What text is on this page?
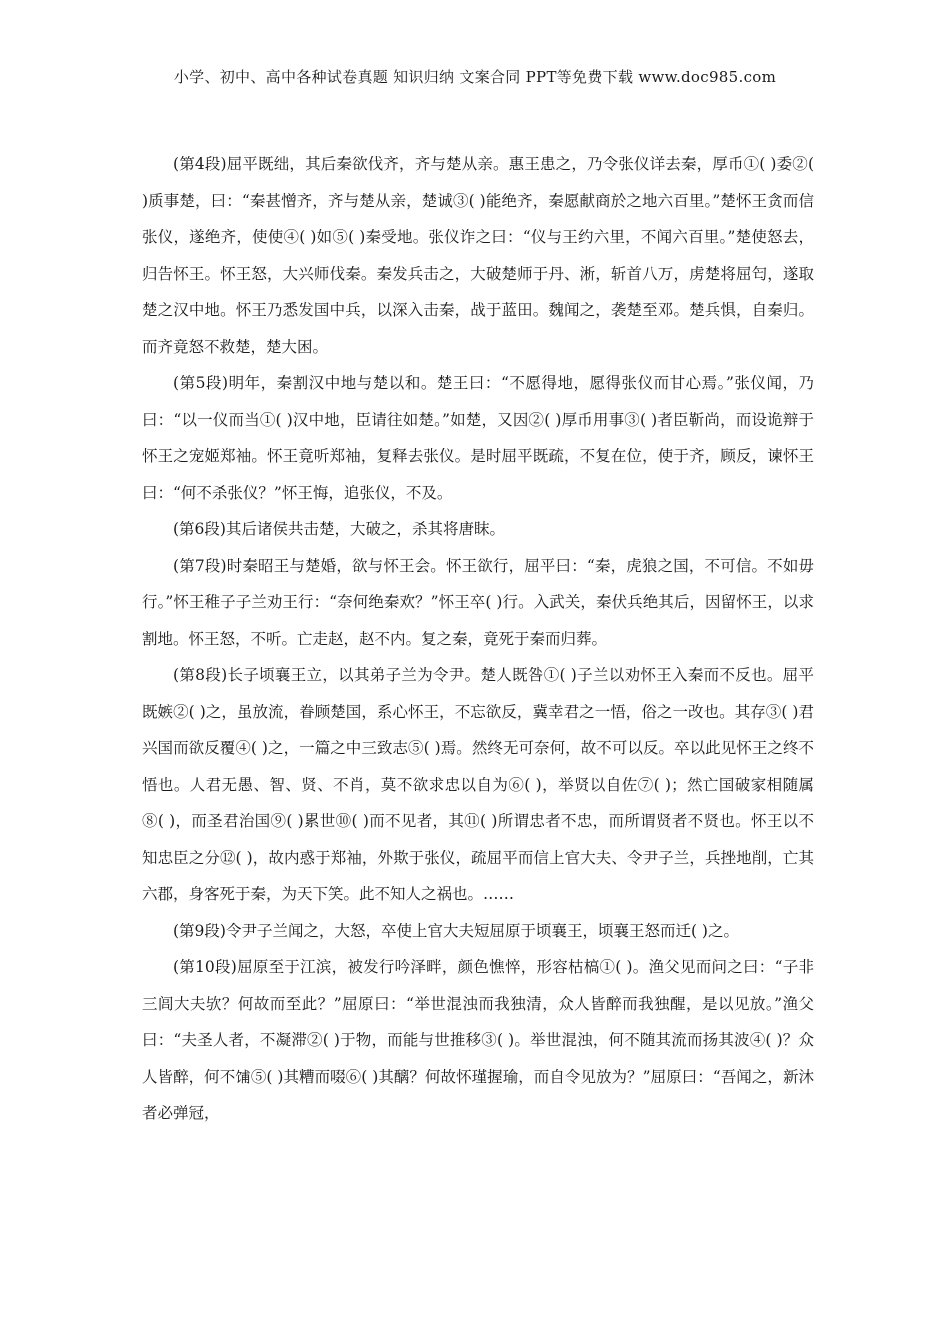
小学、初中、高中各种试卷真题 知识归纳 文案合同 PPT等免费下载 www.doc985.com

(第4段)屈平既绌，其后秦欲伐齐，齐与楚从亲。惠王患之，乃令张仪详去秦，厚币①( )委②( )质事楚，曰：“秦甚憎齐，齐与楚从亲，楚诚③( )能绝齐，秦愿献商於之地六百里。”楚怀王贪而信张仪，遂绝齐，使使④( )如⑤( )秦受地。张仪诈之曰：“仪与王约六里，不闻六百里。”楚使怒去，归告怀王。怀王怒，大兴师伐秦。秦发兵击之，大破楚师于丹、淅，斩首八万，虏楚将屈匄，遂取楚之汉中地。怀王乃悉发国中兵，以深入击秦，战于蓝田。魏闻之，袭楚至邓。楚兵惧，自秦归。而齐竟怒不救楚，楚大困。

(第5段)明年，秦割汉中地与楚以和。楚王曰：“不愿得地，愿得张仪而甘心焉。”张仪闻，乃曰：“以一仪而当①( )汉中地，臣请往如楚。”如楚，又因②( )厚币用事③( )者臣靳尚，而设诡辩于怀王之宠姬郑袖。怀王竟听郑袖，复释去张仪。是时屈平既疏，不复在位，使于齐，顾反，谏怀王曰：“何不杀张仪？”怀王悔，追张仪，不及。

(第6段)其后诸侯共击楚，大破之，杀其将唐眜。

(第7段)时秦昭王与楚婚，欲与怀王会。怀王欲行，屈平曰：“秦，虎狼之国，不可信。不如毋行。”怀王稚子子兰劝王行：“奈何绝秦欢？”怀王卒( )行。入武关，秦伏兵绝其后，因留怀王，以求割地。怀王怒，不听。亡走赵，赵不内。复之秦，竟死于秦而归葬。

(第8段)长子顷襄王立，以其弟子兰为令尹。楚人既咎①( )子兰以劝怀王入秦而不反也。屈平既嫉②( )之，虽放流，眷顾楚国，系心怀王，不忘欲反，冀幸君之一悟，俗之一改也。其存③( )君兴国而欲反覆④( )之，一篇之中三致志⑤( )焉。然终无可奈何，故不可以反。卒以此见怀王之终不悟也。人君无愚、智、贤、不肖，莫不欲求忠以自为⑥( )，举贤以自佐⑦( )；然亡国破家相随属⑧( )，而圣君治国⑨( )累世⑩( )而不见者，其⑪( )所谓忠者不忠，而所谓贤者不贤也。怀王以不知忠臣之分⑫( )，故内惑于郑袖，外欺于张仪，疏屈平而信上官大夫、令尹子兰，兵挫地削，亡其六郡，身客死于秦，为天下笑。此不知人之祸也。……

(第9段)令尹子兰闻之，大怒，卒使上官大夫短屈原于顷襄王，顷襄王怒而迁( )之。

(第10段)屈原至于江滨，被发行吟泽畔，颜色憔悴，形容枯槁①( )。渔父见而问之曰：“子非三闾大夫欤？何故而至此？”屈原曰：“举世混浊而我独清，众人皆醉而我独醒，是以见放。”渔父曰：“夫圣人者，不凝滞②( )于物，而能与世推移③( )。举世混浊，何不随其流而扬其波④( )？众人皆醉，何不𫗦⑤( )其糟而啜⑥( )其醨？何故怀瑾握瑜，而自令见放为？”屈原曰：“吾闻之，新沐者必弹冠，
